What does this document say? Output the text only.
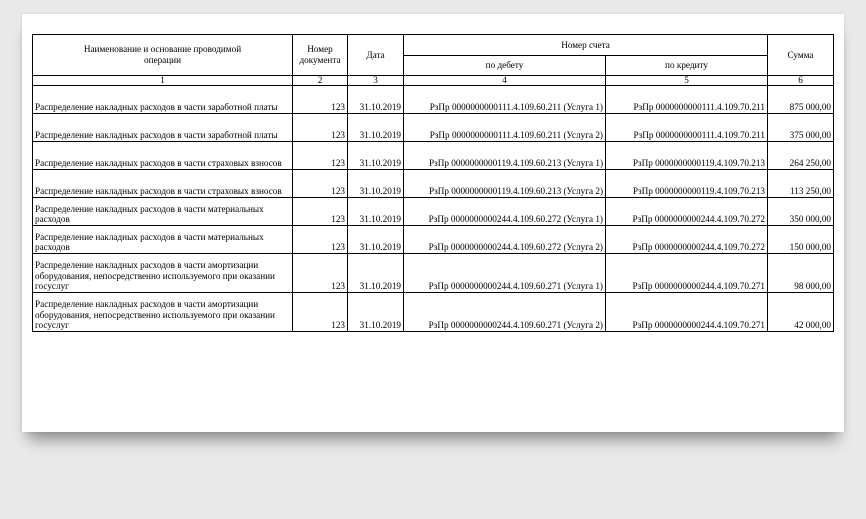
Наименование и основание проводимой операции	Номер документа	Дата	Номер счета		Сумма
			по дебету	по кредиту	
1	2	3	4	5	6
Распределение накладных расходов в части заработной платы	123	31.10.2019	РзПр 0000000000111.4.109.60.211 (Услуга 1)	РзПр 0000000000111.4.109.70.211	875 000,00
Распределение накладных расходов в части заработной платы	123	31.10.2019	РзПр 0000000000111.4.109.60.211 (Услуга 2)	РзПр 0000000000111.4.109.70.211	375 000,00
Распределение накладных расходов в части страховых взносов	123	31.10.2019	РзПр 0000000000119.4.109.60.213 (Услуга 1)	РзПр 0000000000119.4.109.70.213	264 250,00
Распределение накладных расходов в части страховых взносов	123	31.10.2019	РзПр 0000000000119.4.109.60.213 (Услуга 2)	РзПр 0000000000119.4.109.70.213	113 250,00
Распределение накладных расходов в части материальных расходов	123	31.10.2019	РзПр 0000000000244.4.109.60.272 (Услуга 1)	РзПр 0000000000244.4.109.70.272	350 000,00
Распределение накладных расходов в части материальных расходов	123	31.10.2019	РзПр 0000000000244.4.109.60.272 (Услуга 2)	РзПр 0000000000244.4.109.70.272	150 000,00
Распределение накладных расходов в части амортизации оборудования, непосредственно используемого при оказании госуслуг	123	31.10.2019	РзПр 0000000000244.4.109.60.271 (Услуга 1)	РзПр 0000000000244.4.109.70.271	98 000,00
Распределение накладных расходов в части амортизации оборудования, непосредственно используемого при оказании госуслуг	123	31.10.2019	РзПр 0000000000244.4.109.60.271 (Услуга 2)	РзПр 0000000000244.4.109.70.271	42 000,00
